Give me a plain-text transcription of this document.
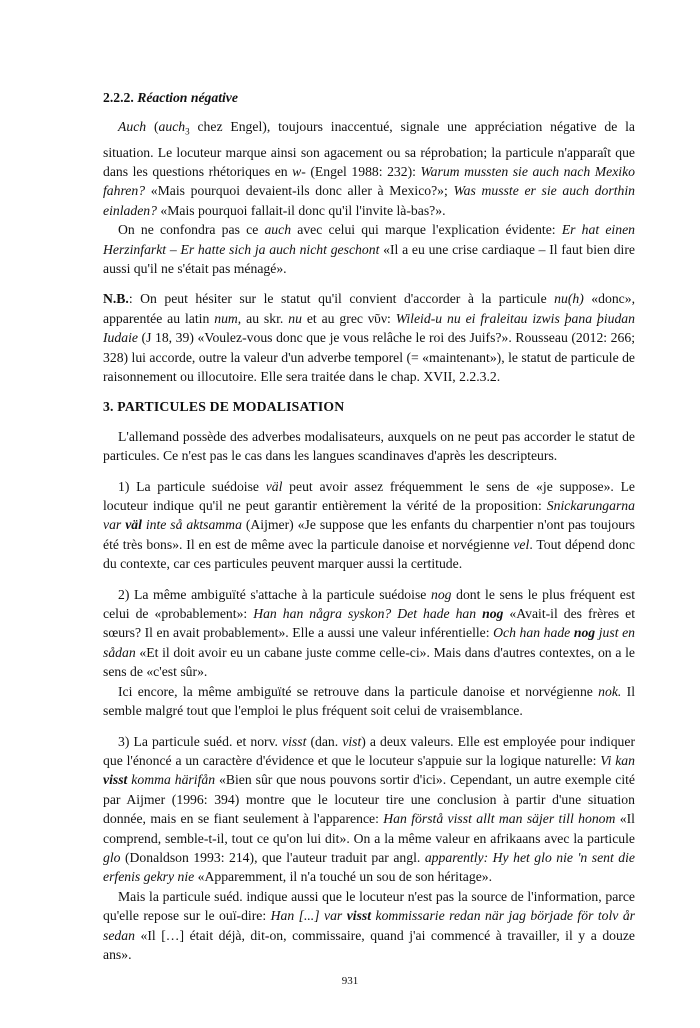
2.2.2. Réaction négative

Auch (auch$_3$ chez Engel), toujours inaccentué, signale une appréciation négative de la situation. Le locuteur marque ainsi son agacement ou sa réprobation; la particule n'apparaît que dans les questions rhétoriques en w- (Engel 1988: 232): Warum mussten sie auch nach Mexiko fahren? «Mais pourquoi devaient-ils donc aller à Mexico?»; Was musste er sie auch dorthin einladen? «Mais pourquoi fallait-il donc qu'il l'invite là-bas?».

On ne confondra pas ce auch avec celui qui marque l'explication évidente: Er hat einen Herzinfarkt – Er hatte sich ja auch nicht geschont «Il a eu une crise cardiaque – Il faut bien dire aussi qu'il ne s'était pas ménagé».

N.B.: On peut hésiter sur le statut qu'il convient d'accorder à la particule nu(h) «donc», apparentée au latin num, au skr. nu et au grec νῦν: Wileid-u nu ei fraleitau izwis þana þiudan Iudaie (J 18, 39) «Voulez-vous donc que je vous relâche le roi des Juifs?». Rousseau (2012: 266; 328) lui accorde, outre la valeur d'un adverbe temporel (= «maintenant»), le statut de particule de raisonnement ou illocutoire. Elle sera traitée dans le chap. XVII, 2.2.3.2.

3. PARTICULES DE MODALISATION

L'allemand possède des adverbes modalisateurs, auxquels on ne peut pas accorder le statut de particules. Ce n'est pas le cas dans les langues scandinaves d'après les descripteurs.

1) La particule suédoise väl peut avoir assez fréquemment le sens de «je suppose». Le locuteur indique qu'il ne peut garantir entièrement la vérité de la proposition: Snickarungarna var väl inte så aktsamma (Aijmer) «Je suppose que les enfants du charpentier n'ont pas toujours été très bons». Il en est de même avec la particule danoise et norvégienne vel. Tout dépend donc du contexte, car ces particules peuvent marquer aussi la certitude.

2) La même ambiguïté s'attache à la particule suédoise nog dont le sens le plus fréquent est celui de «probablement»: Han han några syskon? Det hade han nog «Avait-il des frères et sœurs? Il en avait probablement». Elle a aussi une valeur inférentielle: Och han hade nog just en sådan «Et il doit avoir eu un cabane juste comme celle-ci». Mais dans d'autres contextes, on a le sens de «c'est sûr».

Ici encore, la même ambiguïté se retrouve dans la particule danoise et norvégienne nok. Il semble malgré tout que l'emploi le plus fréquent soit celui de vraisemblance.

3) La particule suéd. et norv. visst (dan. vist) a deux valeurs. Elle est employée pour indiquer que l'énoncé a un caractère d'évidence et que le locuteur s'appuie sur la logique naturelle: Vi kan visst komma härifån «Bien sûr que nous pouvons sortir d'ici». Cependant, un autre exemple cité par Aijmer (1996: 394) montre que le locuteur tire une conclusion à partir d'une situation donnée, mais en se fiant seulement à l'apparence: Han förstå visst allt man säjer till honom «Il comprend, semble-t-il, tout ce qu'on lui dit». On a la même valeur en afrikaans avec la particule glo (Donaldson 1993: 214), que l'auteur traduit par angl. apparently: Hy het glo nie 'n sent die erfenis gekry nie «Apparemment, il n'a touché un sou de son héritage».

Mais la particule suéd. indique aussi que le locuteur n'est pas la source de l'information, parce qu'elle repose sur le ouï-dire: Han [...] var visst kommissarie redan när jag började för tolv år sedan «Il […] était déjà, dit-on, commissaire, quand j'ai commencé à travailler, il y a douze ans».

931
